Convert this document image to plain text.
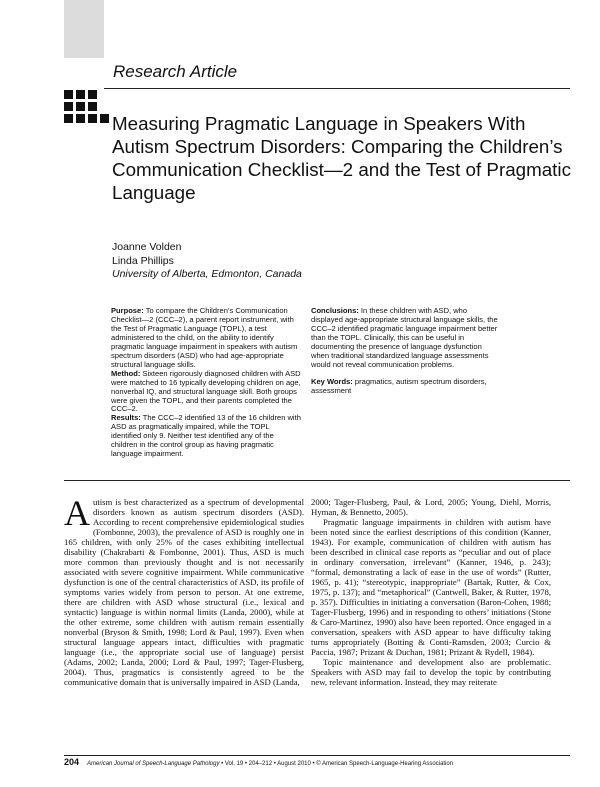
Research Article
Measuring Pragmatic Language in Speakers With Autism Spectrum Disorders: Comparing the Children’s Communication Checklist—2 and the Test of Pragmatic Language
Joanne Volden
Linda Phillips
University of Alberta, Edmonton, Canada

Purpose: To compare the Children’s Communication Checklist—2 (CCC–2), a parent report instrument, with the Test of Pragmatic Language (TOPL), a test administered to the child, on the ability to identify pragmatic language impairment in speakers with autism spectrum disorders (ASD) who had age-appropriate structural language skills.

Method: Sixteen rigorously diagnosed children with ASD were matched to 16 typically developing children on age, nonverbal IQ, and structural language skill. Both groups were given the TOPL, and their parents completed the CCC–2.

Results: The CCC–2 identified 13 of the 16 children with ASD as pragmatically impaired, while the TOPL identified only 9. Neither test identified any of the children in the control group as having pragmatic language impairment.

Conclusions: In these children with ASD, who displayed age-appropriate structural language skills, the CCC–2 identified pragmatic language impairment better than the TOPL. Clinically, this can be useful in documenting the presence of language dysfunction when traditional standardized language assessments would not reveal communication problems.

Key Words: pragmatics, autism spectrum disorders, assessment

Autism is best characterized as a spectrum of developmental disorders known as autism spectrum disorders (ASD). According to recent comprehensive epidemiological studies (Fombonne, 2003), the prevalence of ASD is roughly one in 165 children, with only 25% of the cases exhibiting intellectual disability (Chakrabarti & Fombonne, 2001). Thus, ASD is much more common than previously thought and is not necessarily associated with severe cognitive impairment. While communicative dysfunction is one of the central characteristics of ASD, its profile of symptoms varies widely from person to person. At one extreme, there are children with ASD whose structural (i.e., lexical and syntactic) language is within normal limits (Landa, 2000), while at the other extreme, some children with autism remain essentially nonverbal (Bryson & Smith, 1998; Lord & Paul, 1997). Even when structural language appears intact, difficulties with pragmatic language (i.e., the appropriate social use of language) persist (Adams, 2002; Landa, 2000; Lord & Paul, 1997; Tager-Flusberg, 2004). Thus, pragmatics is consistently agreed to be the communicative domain that is universally impaired in ASD (Landa,

2000; Tager-Flusberg, Paul, & Lord, 2005; Young, Diehl, Morris, Hyman, & Bennetto, 2005).

Pragmatic language impairments in children with autism have been noted since the earliest descriptions of this condition (Kanner, 1943). For example, communication of children with autism has been described in clinical case reports as “peculiar and out of place in ordinary conversation, irrelevant” (Kanner, 1946, p. 243); “formal, demonstrating a lack of ease in the use of words” (Rutter, 1965, p. 41); “stereotypic, inappropriate” (Bartak, Rutter, & Cox, 1975, p. 137); and “metaphorical” (Cantwell, Baker, & Rutter, 1978, p. 357). Difficulties in initiating a conversation (Baron-Cohen, 1988; Tager-Flusberg, 1996) and in responding to others’ initiations (Stone & Caro-Martinez, 1990) also have been reported. Once engaged in a conversation, speakers with ASD appear to have difficulty taking turns appropriately (Botting & Conti-Ramsden, 2003; Curcio & Paccia, 1987; Prizant & Duchan, 1981; Prizant & Rydell, 1984).

Topic maintenance and development also are problematic. Speakers with ASD may fail to develop the topic by contributing new, relevant information. Instead, they may reiterate

204 American Journal of Speech-Language Pathology • Vol. 19 • 204–212 • August 2010 • © American Speech-Language-Hearing Association
